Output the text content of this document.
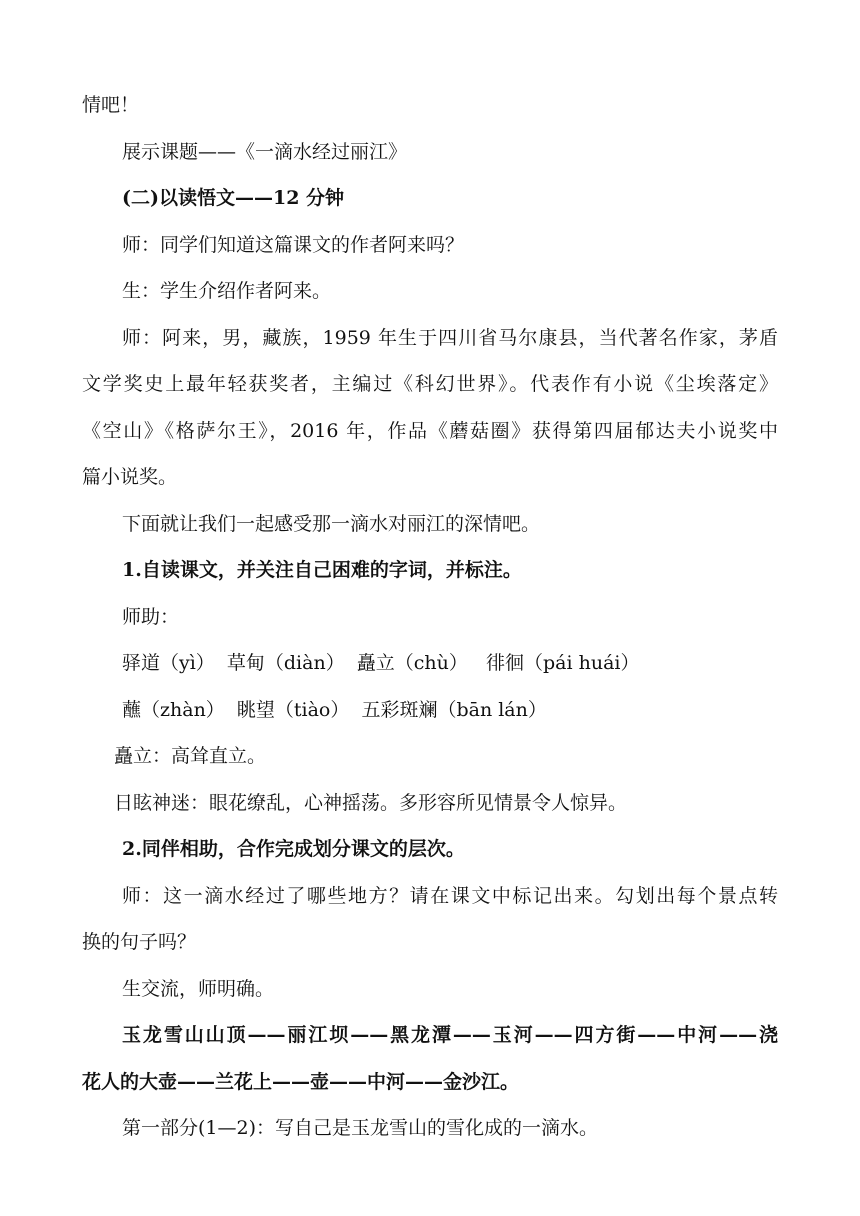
情吧！
展示课题——《一滴水经过丽江》
(二)以读悟文——12 分钟
师：同学们知道这篇课文的作者阿来吗？
生：学生介绍作者阿来。
师：阿来，男，藏族，1959 年生于四川省马尔康县，当代著名作家，茅盾
文学奖史上最年轻获奖者，主编过《科幻世界》。代表作有小说《尘埃落定》
《空山》《格萨尔王》，2016 年，作品《蘑菇圈》获得第四届郁达夫小说奖中
篇小说奖。
下面就让我们一起感受那一滴水对丽江的深情吧。
1.自读课文，并关注自己困难的字词，并标注。
师助：
驿道（yì）  草甸（diàn）  矗立（chù）   徘徊（pái huái）
蘸（zhàn）  眺望（tiào）  五彩斑斓（bān lán）
矗立：高耸直立。
日眩神迷：眼花缭乱，心神摇荡。多形容所见情景令人惊异。
2.同伴相助，合作完成划分课文的层次。
师：这一滴水经过了哪些地方？请在课文中标记出来。勾划出每个景点转
换的句子吗？
生交流，师明确。
玉龙雪山山顶——丽江坝——黑龙潭——玉河——四方街——中河——浇
花人的大壶——兰花上——壶——中河——金沙江。
第一部分(1—2)：写自己是玉龙雪山的雪化成的一滴水。
